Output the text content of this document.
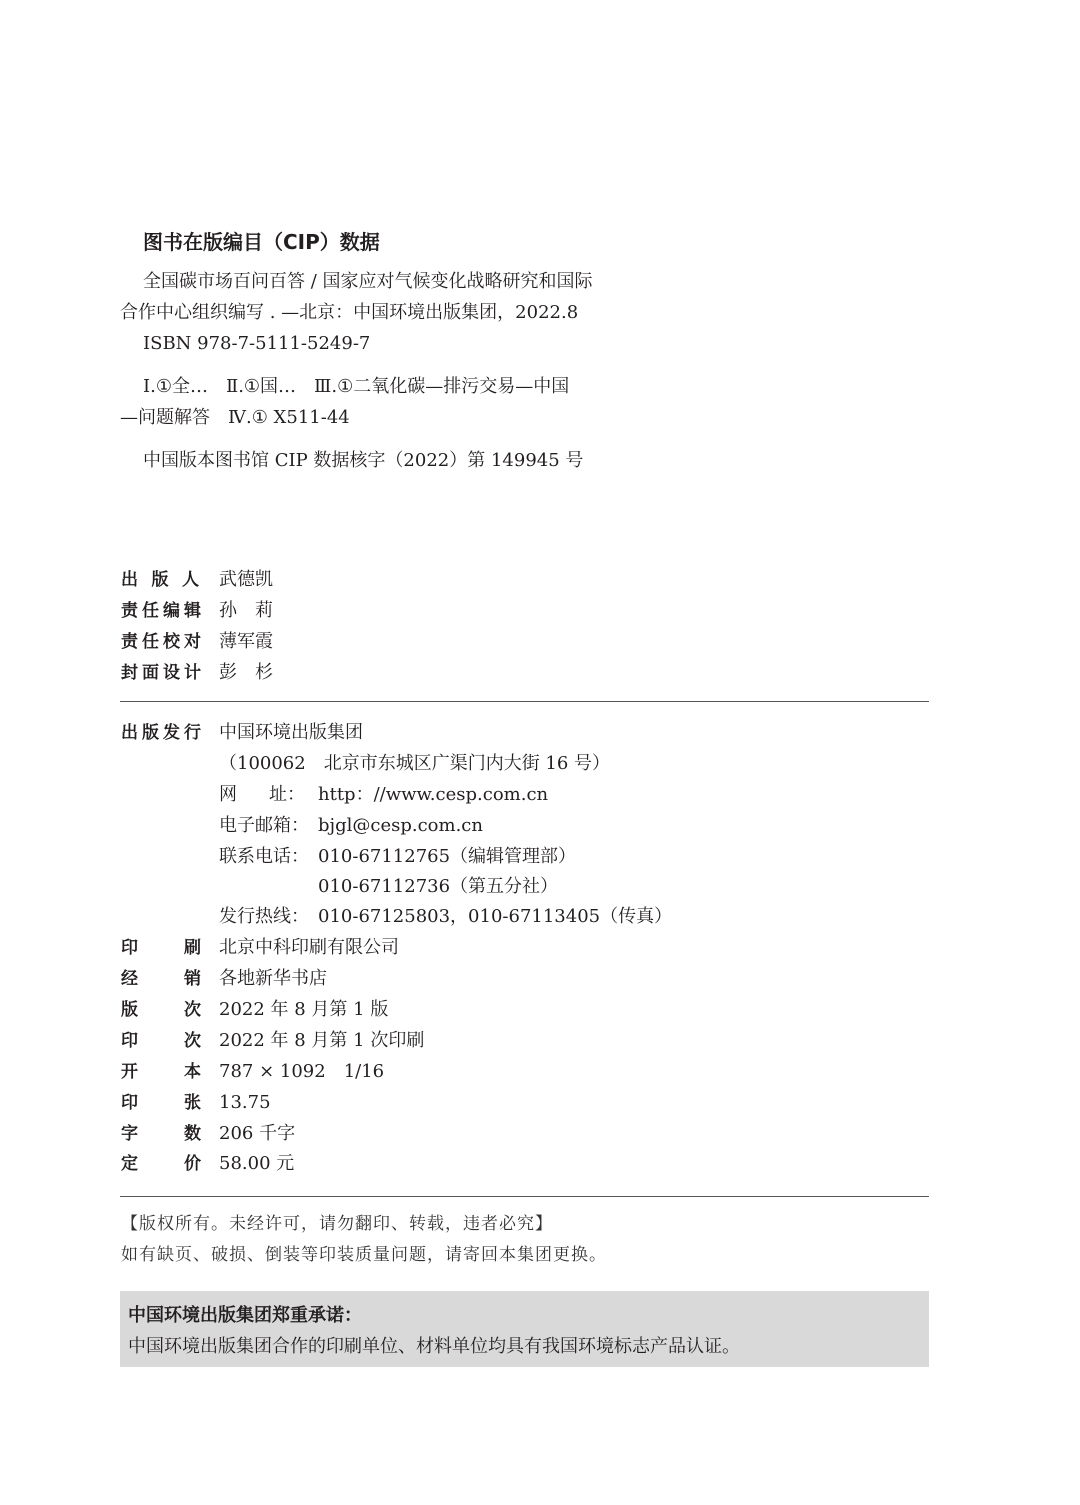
图书在版编目（CIP）数据
全国碳市场百问百答 / 国家应对气候变化战略研究和国际
合作中心组织编写 . —北京：中国环境出版集团，2022.8
ISBN 978-7-5111-5249-7
Ⅰ.①全…　Ⅱ.①国…　Ⅲ.①二氧化碳—排污交易—中国
—问题解答　Ⅳ.① X511-44
中国版本图书馆 CIP 数据核字（2022）第 149945 号
出 版 人 武德凯
责 任 编 辑 孙　莉
责 任 校 对 薄军霞
封 面 设 计 彭　杉
出 版 发 行 中国环境出版集团
（100062　北京市东城区广渠门内大街 16 号）
网 址： http：//www.cesp.com.cn
电子邮箱： bjgl@cesp.com.cn
联系电话： 010-67112765（编辑管理部）
010-67112736（第五分社）
发行热线： 010-67125803，010-67113405（传真）
印	刷 北京中科印刷有限公司
经	销 各地新华书店
版	次 2022 年 8 月第 1 版
印	次 2022 年 8 月第 1 次印刷
开	本 787 × 1092　1/16
印	张 13.75
字	数 206 千字
定	价 58.00 元
【版权所有。未经许可，请勿翻印、转载，违者必究】
如有缺页、破损、倒装等印装质量问题，请寄回本集团更换。
中国环境出版集团郑重承诺：
中国环境出版集团合作的印刷单位、材料单位均具有我国环境标志产品认证。
